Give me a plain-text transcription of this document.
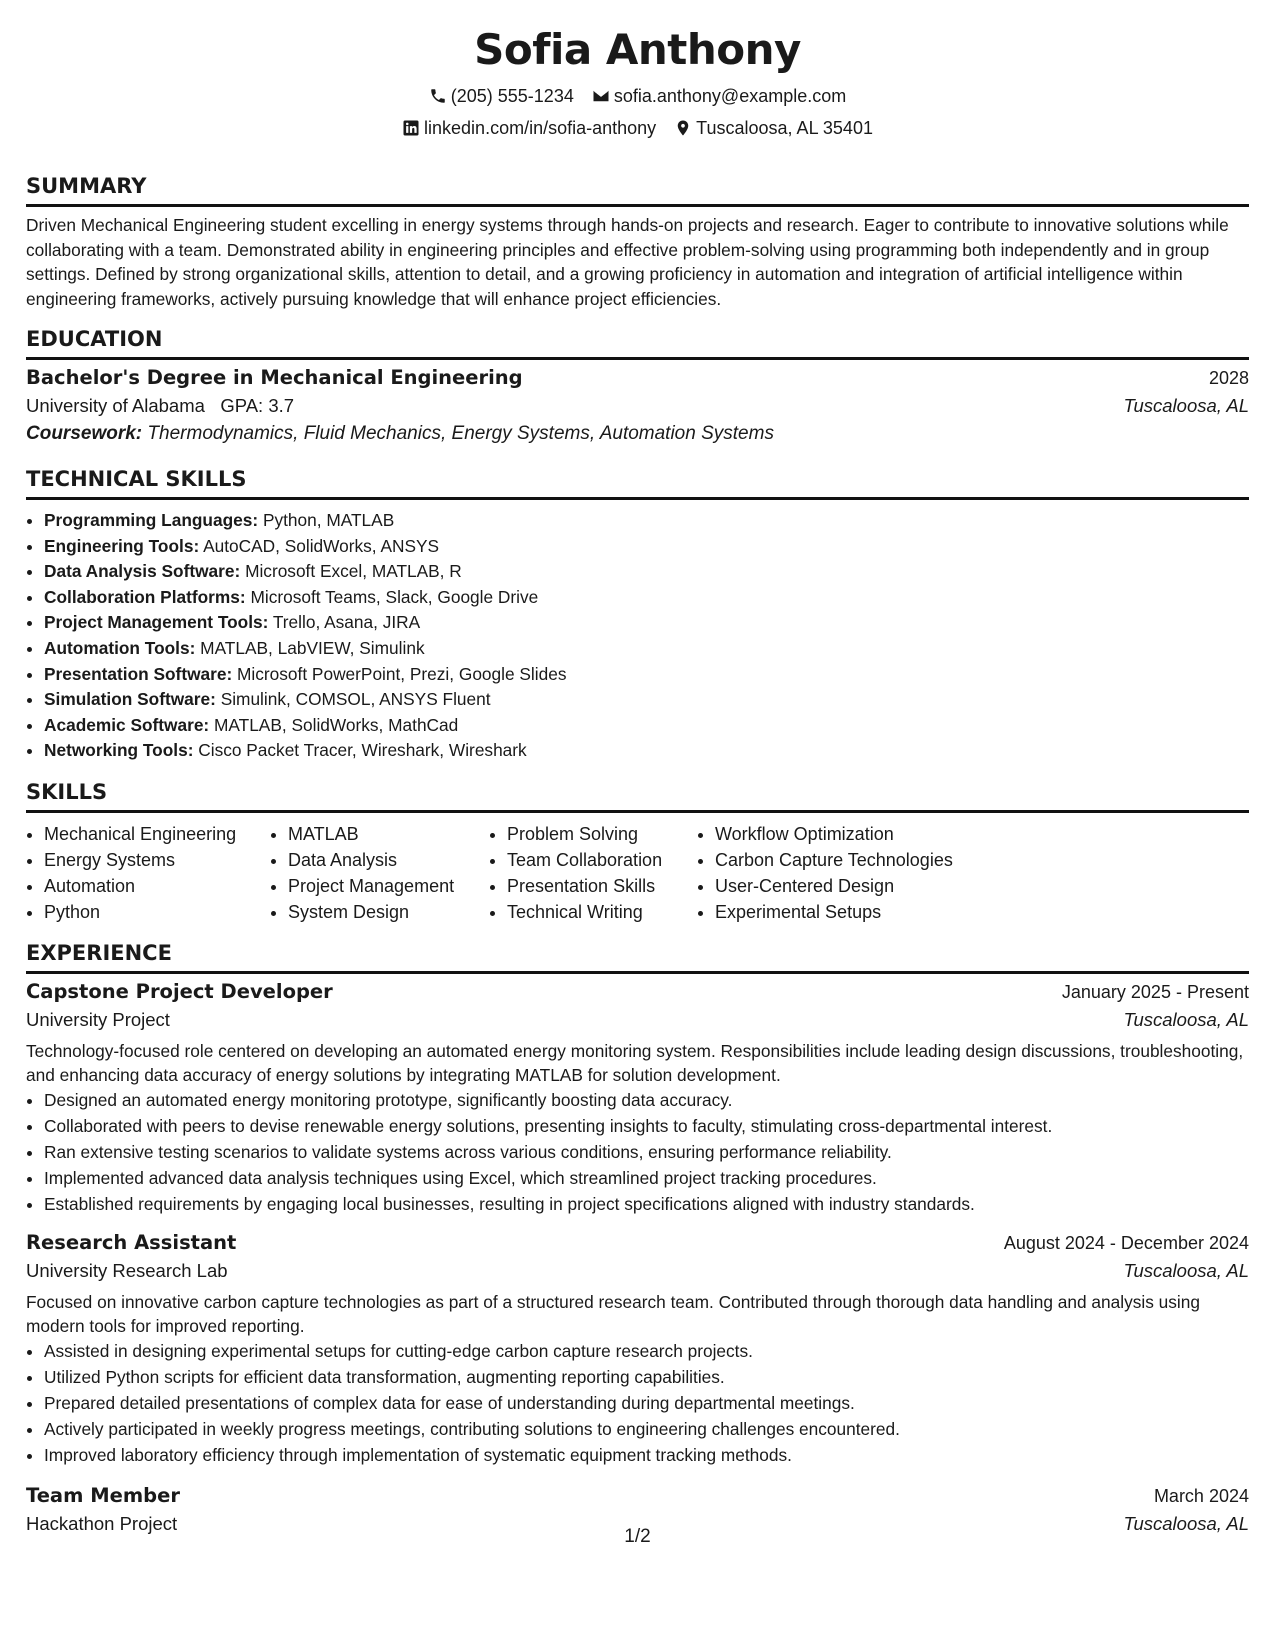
Sofia Anthony
(205) 555-1234 sofia.anthony@example.com
linkedin.com/in/sofia-anthony Tuscaloosa, AL 35401
SUMMARY
Driven Mechanical Engineering student excelling in energy systems through hands-on projects and research. Eager to contribute to innovative solutions while collaborating with a team. Demonstrated ability in engineering principles and effective problem-solving using programming both independently and in group settings. Defined by strong organizational skills, attention to detail, and a growing proficiency in automation and integration of artificial intelligence within engineering frameworks, actively pursuing knowledge that will enhance project efficiencies.
EDUCATION
Bachelor's Degree in Mechanical Engineering	2028
University of Alabama GPA: 3.7	Tuscaloosa, AL
Coursework: Thermodynamics, Fluid Mechanics, Energy Systems, Automation Systems
TECHNICAL SKILLS
• Programming Languages: Python, MATLAB
• Engineering Tools: AutoCAD, SolidWorks, ANSYS
• Data Analysis Software: Microsoft Excel, MATLAB, R
• Collaboration Platforms: Microsoft Teams, Slack, Google Drive
• Project Management Tools: Trello, Asana, JIRA
• Automation Tools: MATLAB, LabVIEW, Simulink
• Presentation Software: Microsoft PowerPoint, Prezi, Google Slides
• Simulation Software: Simulink, COMSOL, ANSYS Fluent
• Academic Software: MATLAB, SolidWorks, MathCad
• Networking Tools: Cisco Packet Tracer, Wireshark, Wireshark
SKILLS
• Mechanical Engineering
• Energy Systems
• Automation
• Python
• MATLAB
• Data Analysis
• Project Management
• System Design
• Problem Solving
• Team Collaboration
• Presentation Skills
• Technical Writing
• Workflow Optimization
• Carbon Capture Technologies
• User-Centered Design
• Experimental Setups
EXPERIENCE
Capstone Project Developer	January 2025 - Present
University Project	Tuscaloosa, AL
Technology-focused role centered on developing an automated energy monitoring system. Responsibilities include leading design discussions, troubleshooting, and enhancing data accuracy of energy solutions by integrating MATLAB for solution development.
• Designed an automated energy monitoring prototype, significantly boosting data accuracy.
• Collaborated with peers to devise renewable energy solutions, presenting insights to faculty, stimulating cross-departmental interest.
• Ran extensive testing scenarios to validate systems across various conditions, ensuring performance reliability.
• Implemented advanced data analysis techniques using Excel, which streamlined project tracking procedures.
• Established requirements by engaging local businesses, resulting in project specifications aligned with industry standards.
Research Assistant	August 2024 - December 2024
University Research Lab	Tuscaloosa, AL
Focused on innovative carbon capture technologies as part of a structured research team. Contributed through thorough data handling and analysis using modern tools for improved reporting.
• Assisted in designing experimental setups for cutting-edge carbon capture research projects.
• Utilized Python scripts for efficient data transformation, augmenting reporting capabilities.
• Prepared detailed presentations of complex data for ease of understanding during departmental meetings.
• Actively participated in weekly progress meetings, contributing solutions to engineering challenges encountered.
• Improved laboratory efficiency through implementation of systematic equipment tracking methods.
Team Member	March 2024
Hackathon Project	Tuscaloosa, AL
1/2
